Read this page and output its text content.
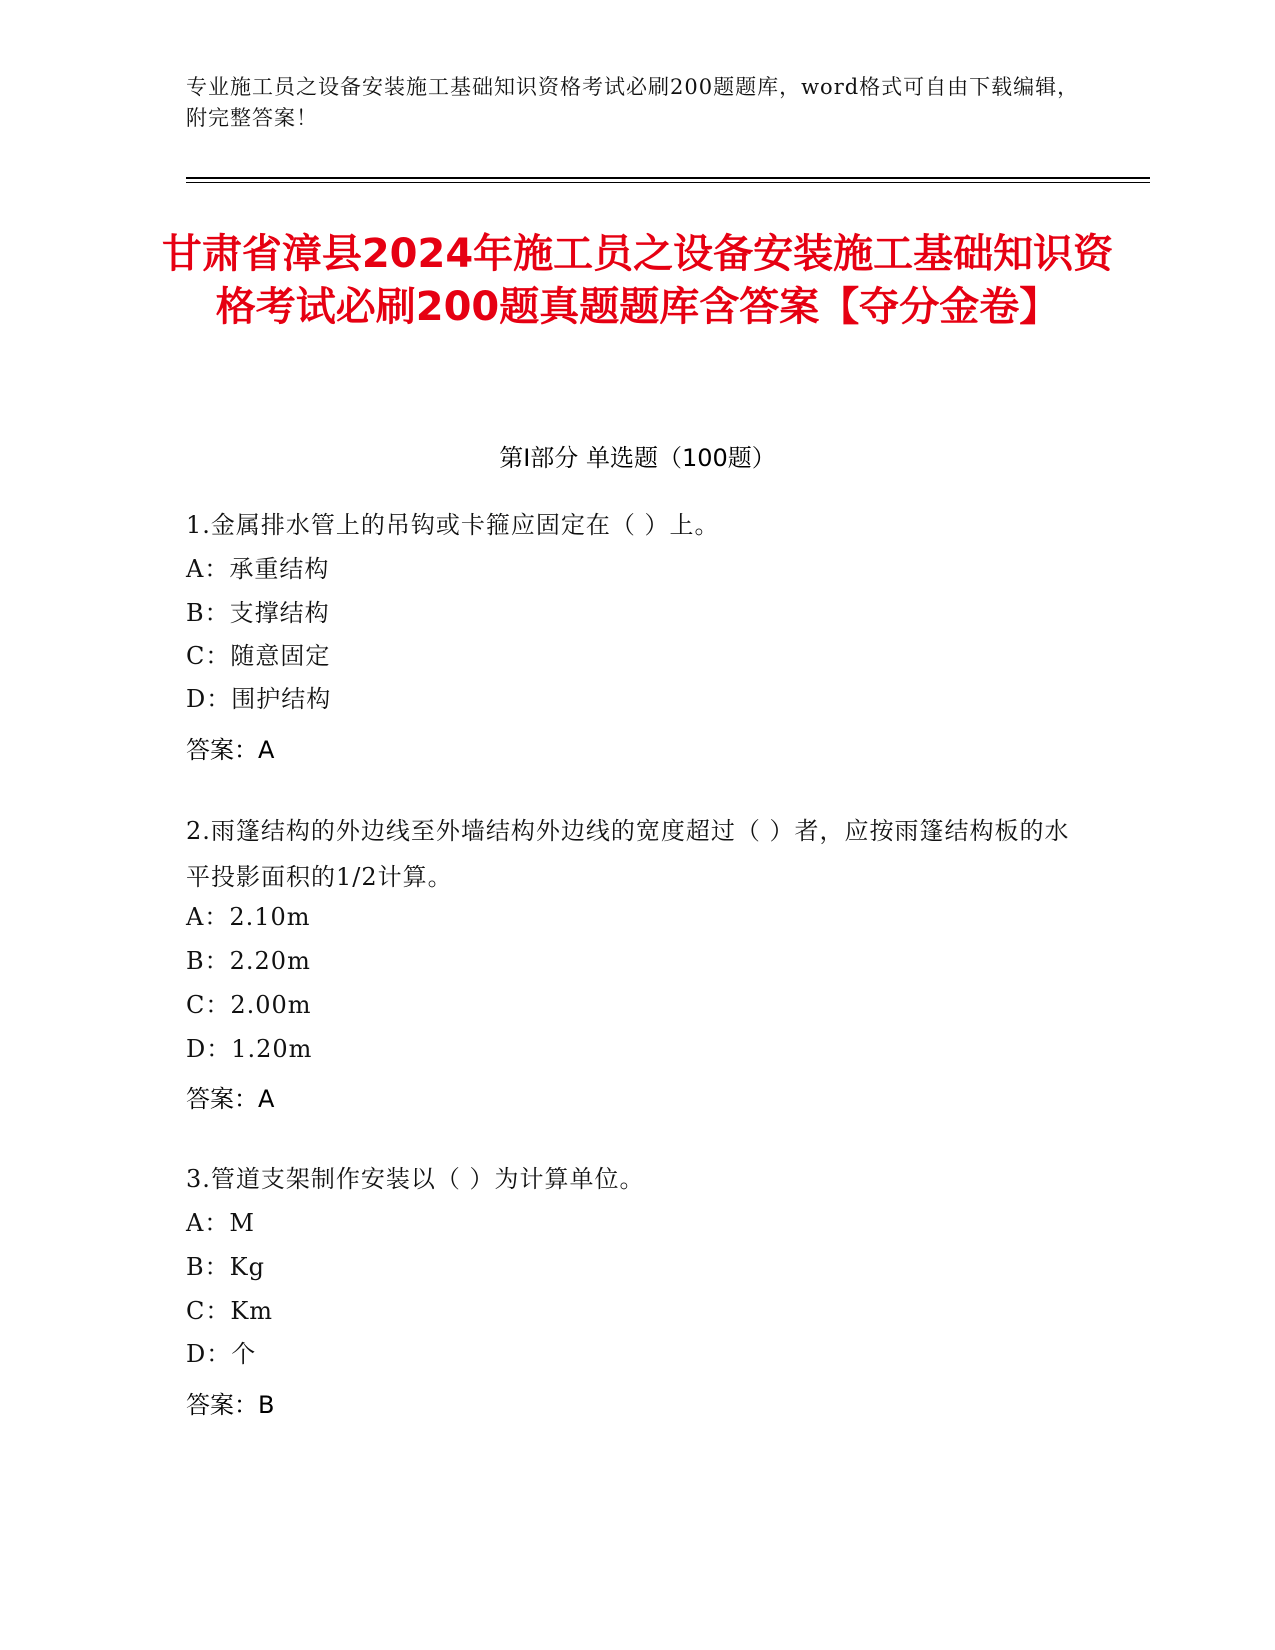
专业施工员之设备安装施工基础知识资格考试必刷200题题库，word格式可自由下载编辑，附完整答案！
甘肃省漳县2024年施工员之设备安装施工基础知识资格考试必刷200题真题题库含答案【夺分金卷】
第I部分 单选题（100题）
1.金属排水管上的吊钩或卡箍应固定在（ ）上。
A：承重结构
B：支撑结构
C：随意固定
D：围护结构
答案：A
2.雨篷结构的外边线至外墙结构外边线的宽度超过（ ）者，应按雨篷结构板的水平投影面积的1/2计算。
A：2.10m
B：2.20m
C：2.00m
D：1.20m
答案：A
3.管道支架制作安装以（ ）为计算单位。
A：M
B：Kg
C：Km
D：个
答案：B
